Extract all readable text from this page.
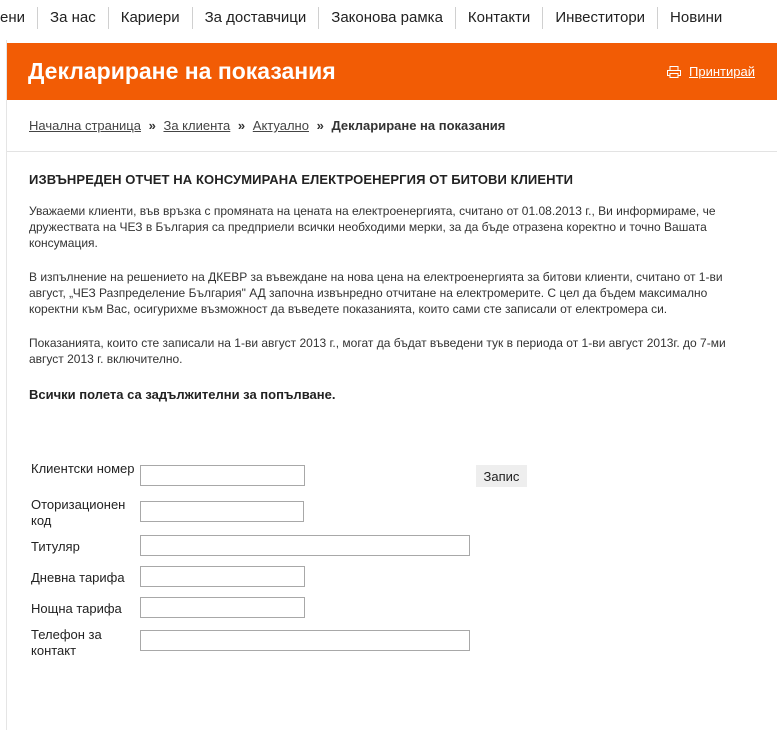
ени	За нас	Кариери	За доставчици	Законова рамка	Контакти	Инвеститори	Новини
Деклариране на показания	Принтирай
Начална страница » За клиента » Актуално » Деклариране на показания
ИЗВЪНРЕДЕН ОТЧЕТ НА КОНСУМИРАНА ЕЛЕКТРОЕНЕРГИЯ ОТ БИТОВИ КЛИЕНТИ

Уважаеми клиенти, във връзка с промяната на цената на електроенергията, считано от 01.08.2013 г., Ви информираме, че дружествата на ЧЕЗ в България са предприели всички необходими мерки, за да бъде отразена коректно и точно Вашата консумация.

В изпълнение на решението на ДКЕВР за въвеждане на нова цена на електроенергията за битови клиенти, считано от 1-ви август, „ЧЕЗ Разпределение България" АД започна извънредно отчитане на електромерите. С цел да бъдем максимално коректни към Вас, осигурихме възможност да въведете показанията, които сами сте записали от електромера си.

Показанията, които сте записали на 1-ви август 2013 г., могат да бъдат въведени тук в периода от 1-ви август 2013г. до 7-ми август 2013 г. включително.

Всички полета са задължителни за попълване.
Клиентски номер
Оторизационен код
Титуляр
Дневна тарифа
Нощна тарифа
Телефон за контакт
Запис
